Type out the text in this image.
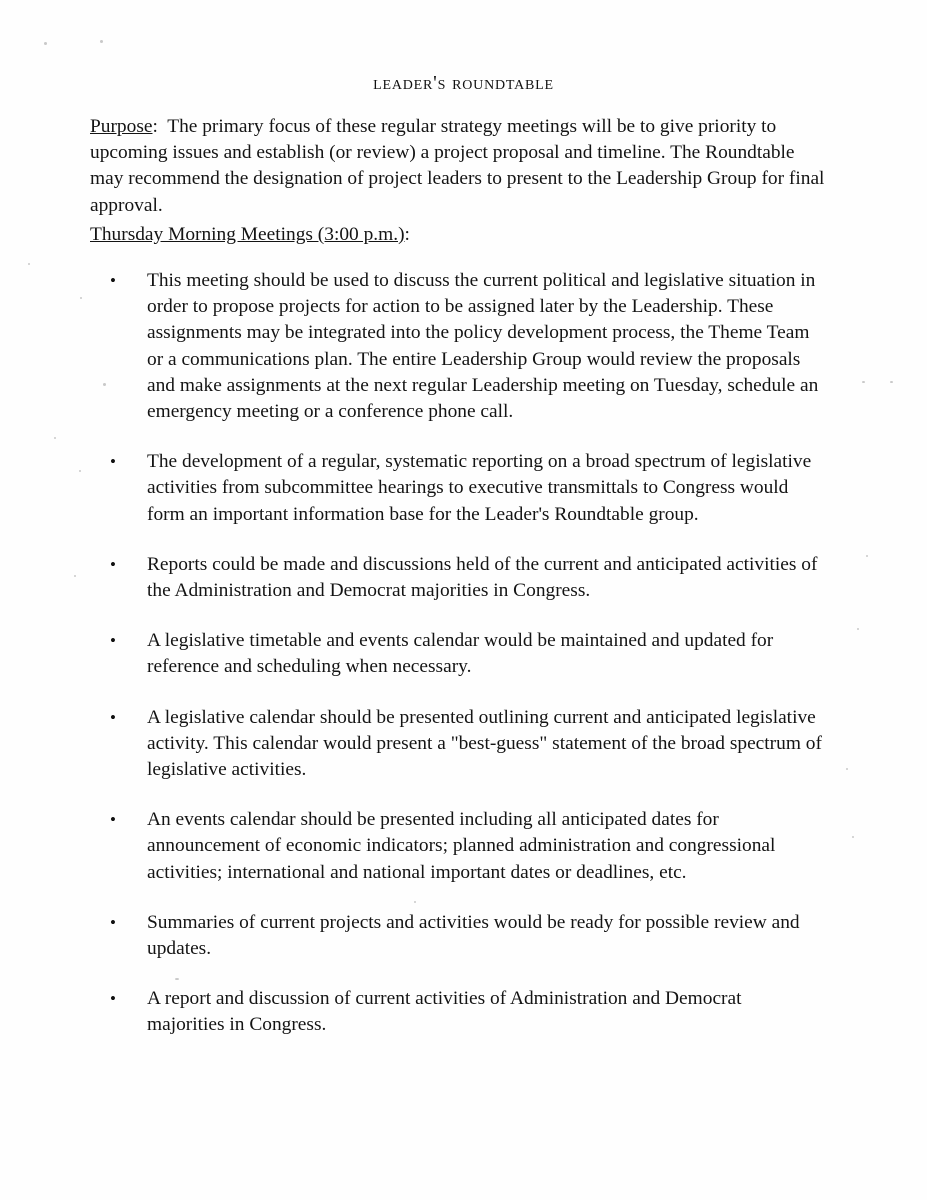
leader's roundtable
Purpose: The primary focus of these regular strategy meetings will be to give priority to upcoming issues and establish (or review) a project proposal and timeline. The Roundtable may recommend the designation of project leaders to present to the Leadership Group for final approval.
Thursday Morning Meetings (3:00 p.m.):
• This meeting should be used to discuss the current political and legislative situation in order to propose projects for action to be assigned later by the Leadership. These assignments may be integrated into the policy development process, the Theme Team or a communications plan. The entire Leadership Group would review the proposals and make assignments at the next regular Leadership meeting on Tuesday, schedule an emergency meeting or a conference phone call.

• The development of a regular, systematic reporting on a broad spectrum of legislative activities from subcommittee hearings to executive transmittals to Congress would form an important information base for the Leader's Roundtable group.

• Reports could be made and discussions held of the current and anticipated activities of the Administration and Democrat majorities in Congress.

• A legislative timetable and events calendar would be maintained and updated for reference and scheduling when necessary.

• A legislative calendar should be presented outlining current and anticipated legislative activity. This calendar would present a "best-guess" statement of the broad spectrum of legislative activities.

• An events calendar should be presented including all anticipated dates for announcement of economic indicators; planned administration and congressional activities; international and national important dates or deadlines, etc.

• Summaries of current projects and activities would be ready for possible review and updates.

• A report and discussion of current activities of Administration and Democrat majorities in Congress.
